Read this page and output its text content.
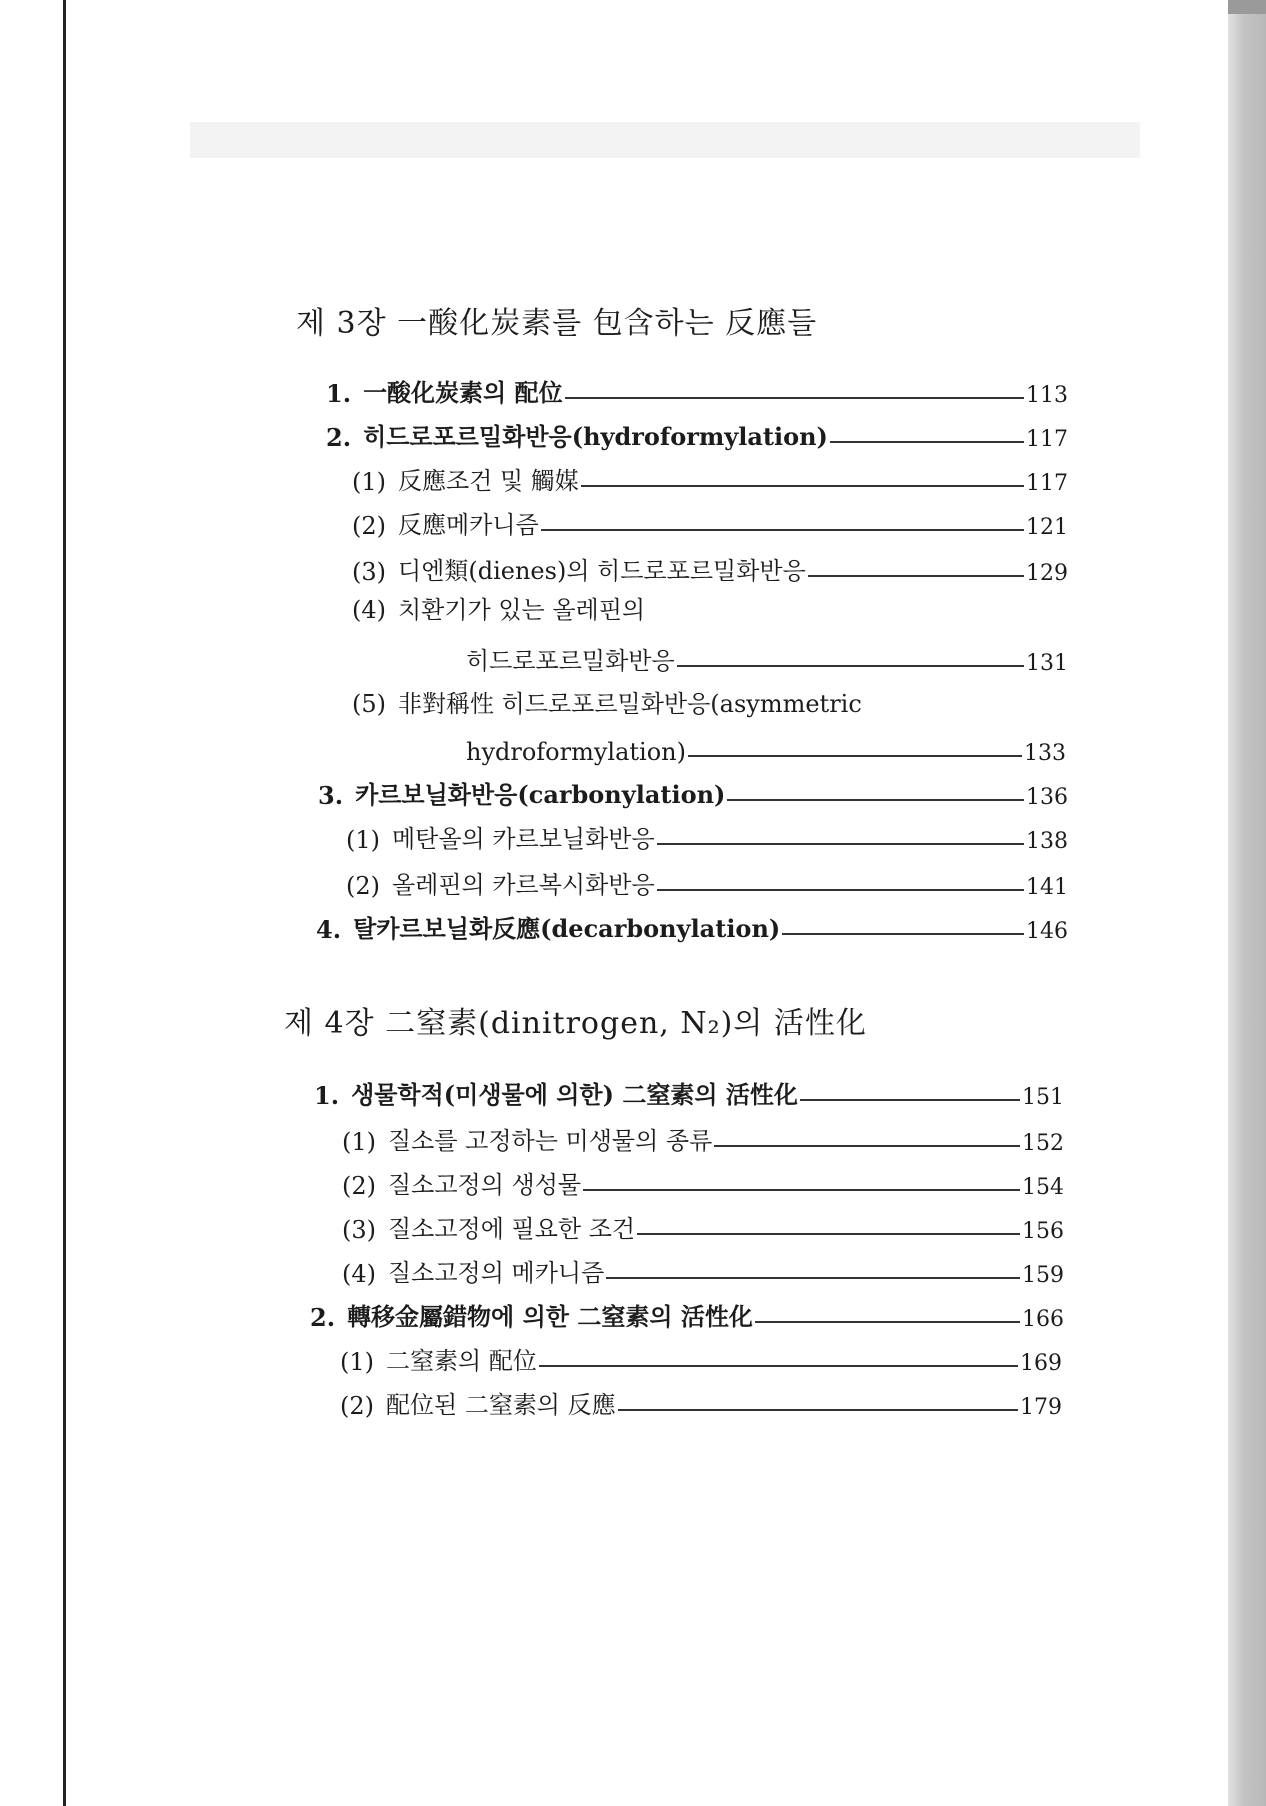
제 3장 一酸化炭素를 包含하는 反應들
1. 一酸化炭素의 配位	113
2. 히드로포르밀화반응(hydroformylation)	117
(1) 反應조건 및 觸媒	117
(2) 反應메카니즘	121
(3) 디엔類(dienes)의 히드로포르밀화반응	129
(4) 치환기가 있는 올레핀의
히드로포르밀화반응	131
(5) 非對稱性 히드로포르밀화반응(asymmetric
hydroformylation)	133
3. 카르보닐화반응(carbonylation)	136
(1) 메탄올의 카르보닐화반응	138
(2) 올레핀의 카르복시화반응	141
4. 탈카르보닐화反應(decarbonylation)	146
제 4장 二窒素(dinitrogen, N₂)의 活性化
1. 생물학적(미생물에 의한) 二窒素의 活性化	151
(1) 질소를 고정하는 미생물의 종류	152
(2) 질소고정의 생성물	154
(3) 질소고정에 필요한 조건	156
(4) 질소고정의 메카니즘	159
2. 轉移金屬錯物에 의한 二窒素의 活性化	166
(1) 二窒素의 配位	169
(2) 配位된 二窒素의 反應	179
